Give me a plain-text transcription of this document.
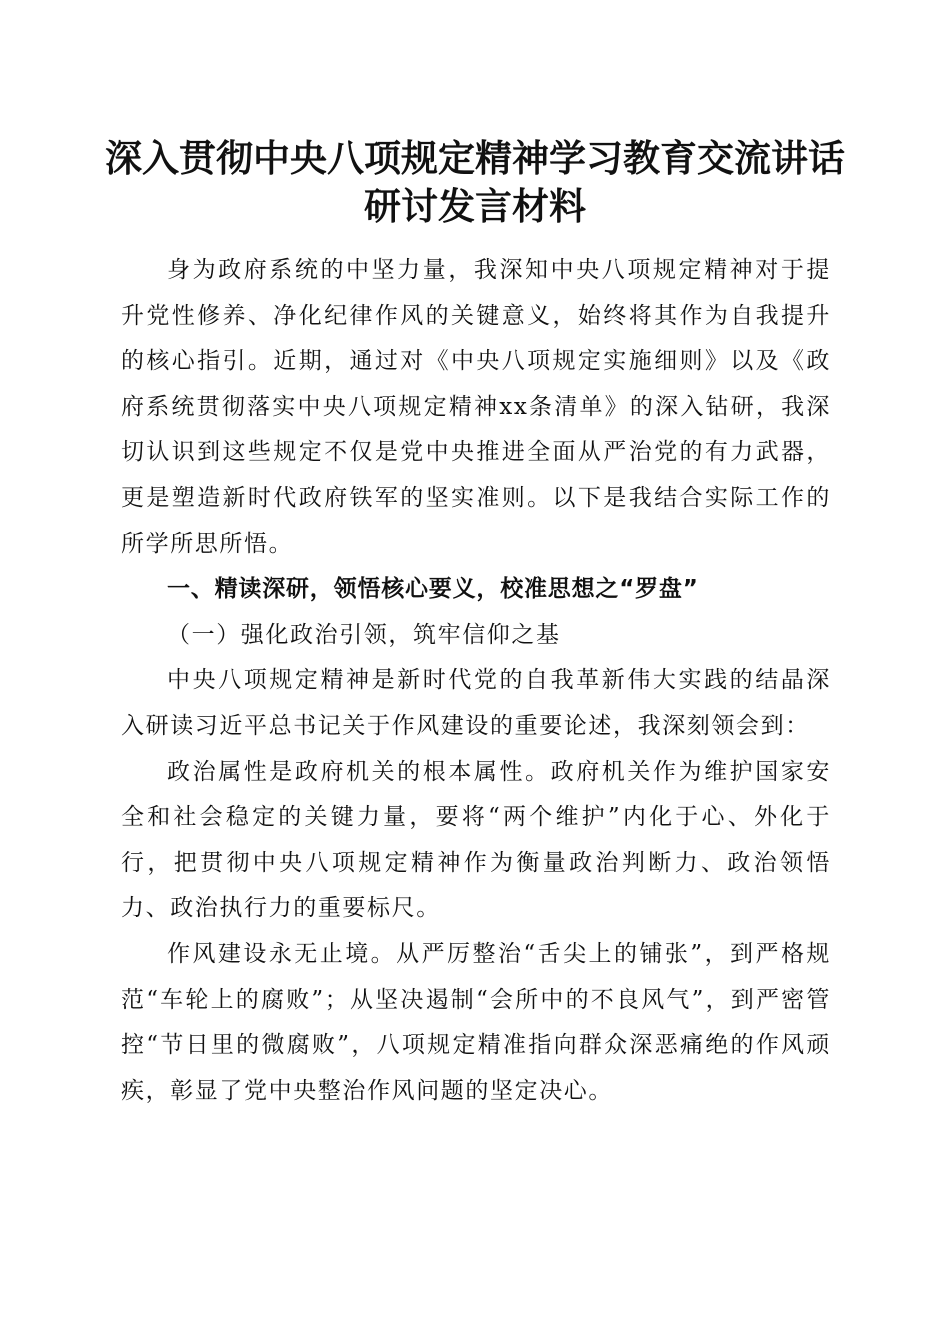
深入贯彻中央八项规定精神学习教育交流讲话
研讨发言材料

身为政府系统的中坚力量，我深知中央八项规定精神对于提升党性修养、净化纪律作风的关键意义，始终将其作为自我提升的核心指引。近期，通过对《中央八项规定实施细则》以及《政府系统贯彻落实中央八项规定精神xx条清单》的深入钻研，我深切认识到这些规定不仅是党中央推进全面从严治党的有力武器，更是塑造新时代政府铁军的坚实准则。以下是我结合实际工作的所学所思所悟。

一、精读深研，领悟核心要义，校准思想之“罗盘”

（一）强化政治引领，筑牢信仰之基

中央八项规定精神是新时代党的自我革新伟大实践的结晶深入研读习近平总书记关于作风建设的重要论述，我深刻领会到：

政治属性是政府机关的根本属性。政府机关作为维护国家安全和社会稳定的关键力量，要将“两个维护”内化于心、外化于行，把贯彻中央八项规定精神作为衡量政治判断力、政治领悟力、政治执行力的重要标尺。

作风建设永无止境。从严厉整治“舌尖上的铺张”，到严格规范“车轮上的腐败”；从坚决遏制“会所中的不良风气”，到严密管控“节日里的微腐败”，八项规定精准指向群众深恶痛绝的作风顽疾，彰显了党中央整治作风问题的坚定决心。
